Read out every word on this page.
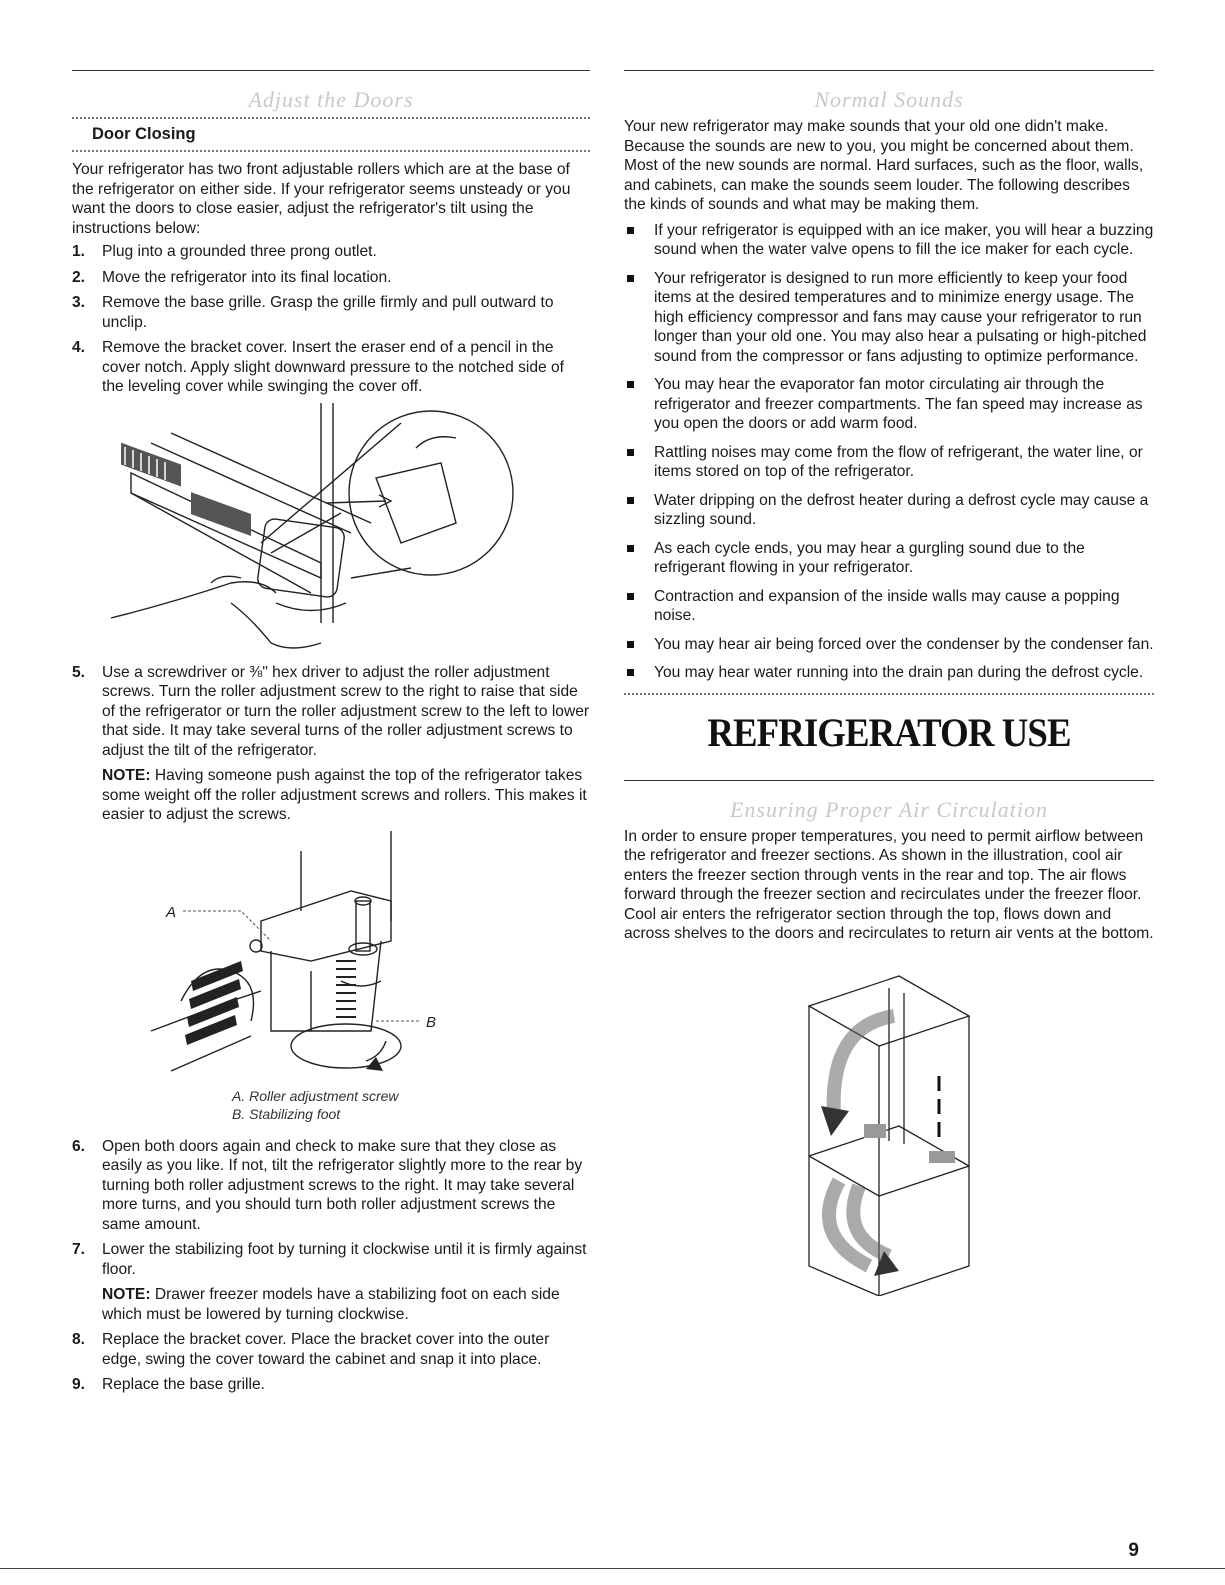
Adjust the Doors
Door Closing

Your refrigerator has two front adjustable rollers which are at the base of the refrigerator on either side. If your refrigerator seems unsteady or you want the doors to close easier, adjust the refrigerator's tilt using the instructions below:

1. Plug into a grounded three prong outlet.
2. Move the refrigerator into its final location.
3. Remove the base grille. Grasp the grille firmly and pull outward to unclip.
4. Remove the bracket cover. Insert the eraser end of a pencil in the cover notch. Apply slight downward pressure to the notched side of the leveling cover while swinging the cover off.
5. Use a screwdriver or ⅜" hex driver to adjust the roller adjustment screws. Turn the roller adjustment screw to the right to raise that side of the refrigerator or turn the roller adjustment screw to the left to lower that side. It may take several turns of the roller adjustment screws to adjust the tilt of the refrigerator.
NOTE: Having someone push against the top of the refrigerator takes some weight off the roller adjustment screws and rollers. This makes it easier to adjust the screws.
A
B
A. Roller adjustment screw
B. Stabilizing foot
6. Open both doors again and check to make sure that they close as easily as you like. If not, tilt the refrigerator slightly more to the rear by turning both roller adjustment screws to the right. It may take several more turns, and you should turn both roller adjustment screws the same amount.
7. Lower the stabilizing foot by turning it clockwise until it is firmly against floor.
NOTE: Drawer freezer models have a stabilizing foot on each side which must be lowered by turning clockwise.
8. Replace the bracket cover. Place the bracket cover into the outer edge, swing the cover toward the cabinet and snap it into place.
9. Replace the base grille.
Normal Sounds

Your new refrigerator may make sounds that your old one didn't make. Because the sounds are new to you, you might be concerned about them. Most of the new sounds are normal. Hard surfaces, such as the floor, walls, and cabinets, can make the sounds seem louder. The following describes the kinds of sounds and what may be making them.

If your refrigerator is equipped with an ice maker, you will hear a buzzing sound when the water valve opens to fill the ice maker for each cycle.
Your refrigerator is designed to run more efficiently to keep your food items at the desired temperatures and to minimize energy usage. The high efficiency compressor and fans may cause your refrigerator to run longer than your old one. You may also hear a pulsating or high-pitched sound from the compressor or fans adjusting to optimize performance.
You may hear the evaporator fan motor circulating air through the refrigerator and freezer compartments. The fan speed may increase as you open the doors or add warm food.
Rattling noises may come from the flow of refrigerant, the water line, or items stored on top of the refrigerator.
Water dripping on the defrost heater during a defrost cycle may cause a sizzling sound.
As each cycle ends, you may hear a gurgling sound due to the refrigerant flowing in your refrigerator.
Contraction and expansion of the inside walls may cause a popping noise.
You may hear air being forced over the condenser by the condenser fan.
You may hear water running into the drain pan during the defrost cycle.
REFRIGERATOR USE
Ensuring Proper Air Circulation

In order to ensure proper temperatures, you need to permit airflow between the refrigerator and freezer sections. As shown in the illustration, cool air enters the freezer section through vents in the rear and top. The air flows forward through the freezer section and recirculates under the freezer floor. Cool air enters the refrigerator section through the top, flows down and across shelves to the doors and recirculates to return air vents at the bottom.

9
